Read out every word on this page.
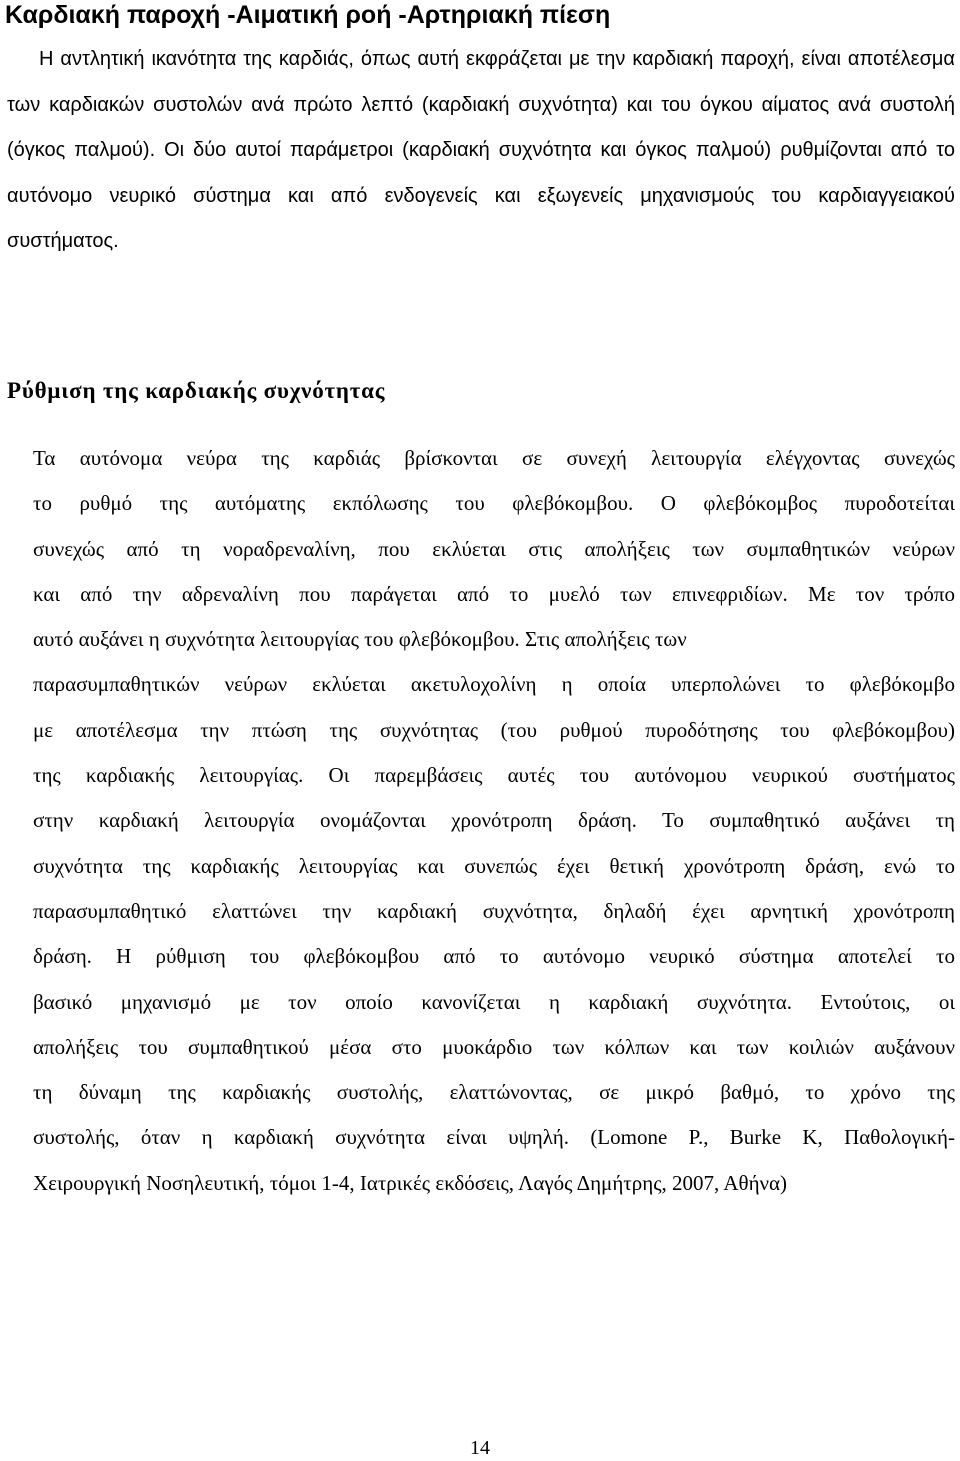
Καρδιακή παροχή -Αιματική ροή -Αρτηριακή πίεση

Η αντλητική ικανότητα της καρδιάς, όπως αυτή εκφράζεται με την καρδιακή παροχή, είναι αποτέλεσμα των καρδιακών συστολών ανά πρώτο λεπτό (καρδιακή συχνότητα) και του όγκου αίματος ανά συστολή (όγκος παλμού). Οι δύο αυτοί παράμετροι (καρδιακή συχνότητα και όγκος παλμού) ρυθμίζονται από το αυτόνομο νευρικό σύστημα και από ενδογενείς και εξωγενείς μηχανισμούς του καρδιαγγειακού συστήματος.

Ρύθμιση της καρδιακής συχνότητας
Τα αυτόνομα νεύρα της καρδιάς βρίσκονται σε συνεχή λειτουργία ελέγχοντας συνεχώς
το ρυθμό της αυτόματης εκπόλωσης του φλεβόκομβου. Ο φλεβόκομβος πυροδοτείται
συνεχώς από τη νοραδρεναλίνη, που εκλύεται στις απολήξεις των συμπαθητικών νεύρων
και από την αδρεναλίνη που παράγεται από το μυελό των επινεφριδίων. Με τον τρόπο
αυτό αυξάνει η συχνότητα λειτουργίας του φλεβόκομβου. Στις απολήξεις των
παρασυμπαθητικών νεύρων εκλύεται ακετυλοχολίνη η οποία υπερπολώνει το φλεβόκομβο
με αποτέλεσμα την πτώση της συχνότητας (του ρυθμού πυροδότησης του φλεβόκομβου)
της καρδιακής λειτουργίας. Οι παρεμβάσεις αυτές του αυτόνομου νευρικού συστήματος
στην καρδιακή λειτουργία ονομάζονται χρονότροπη δράση. Το συμπαθητικό αυξάνει τη
συχνότητα της καρδιακής λειτουργίας και συνεπώς έχει θετική χρονότροπη δράση, ενώ το
παρασυμπαθητικό ελαττώνει την καρδιακή συχνότητα, δηλαδή έχει αρνητική χρονότροπη
δράση. Η ρύθμιση του φλεβόκομβου από το αυτόνομο νευρικό σύστημα αποτελεί το
βασικό μηχανισμό με τον οποίο κανονίζεται η καρδιακή συχνότητα. Εντούτοις, οι
απολήξεις του συμπαθητικού μέσα στο μυοκάρδιο των κόλπων και των κοιλιών αυξάνουν
τη δύναμη της καρδιακής συστολής, ελαττώνοντας, σε μικρό βαθμό, το χρόνο της
συστολής, όταν η καρδιακή συχνότητα είναι υψηλή. (Lomone P., Burke K, Παθολογική-
Χειρουργική Νοσηλευτική, τόμοι 1-4, Ιατρικές εκδόσεις, Λαγός Δημήτρης, 2007, Αθήνα)
14
